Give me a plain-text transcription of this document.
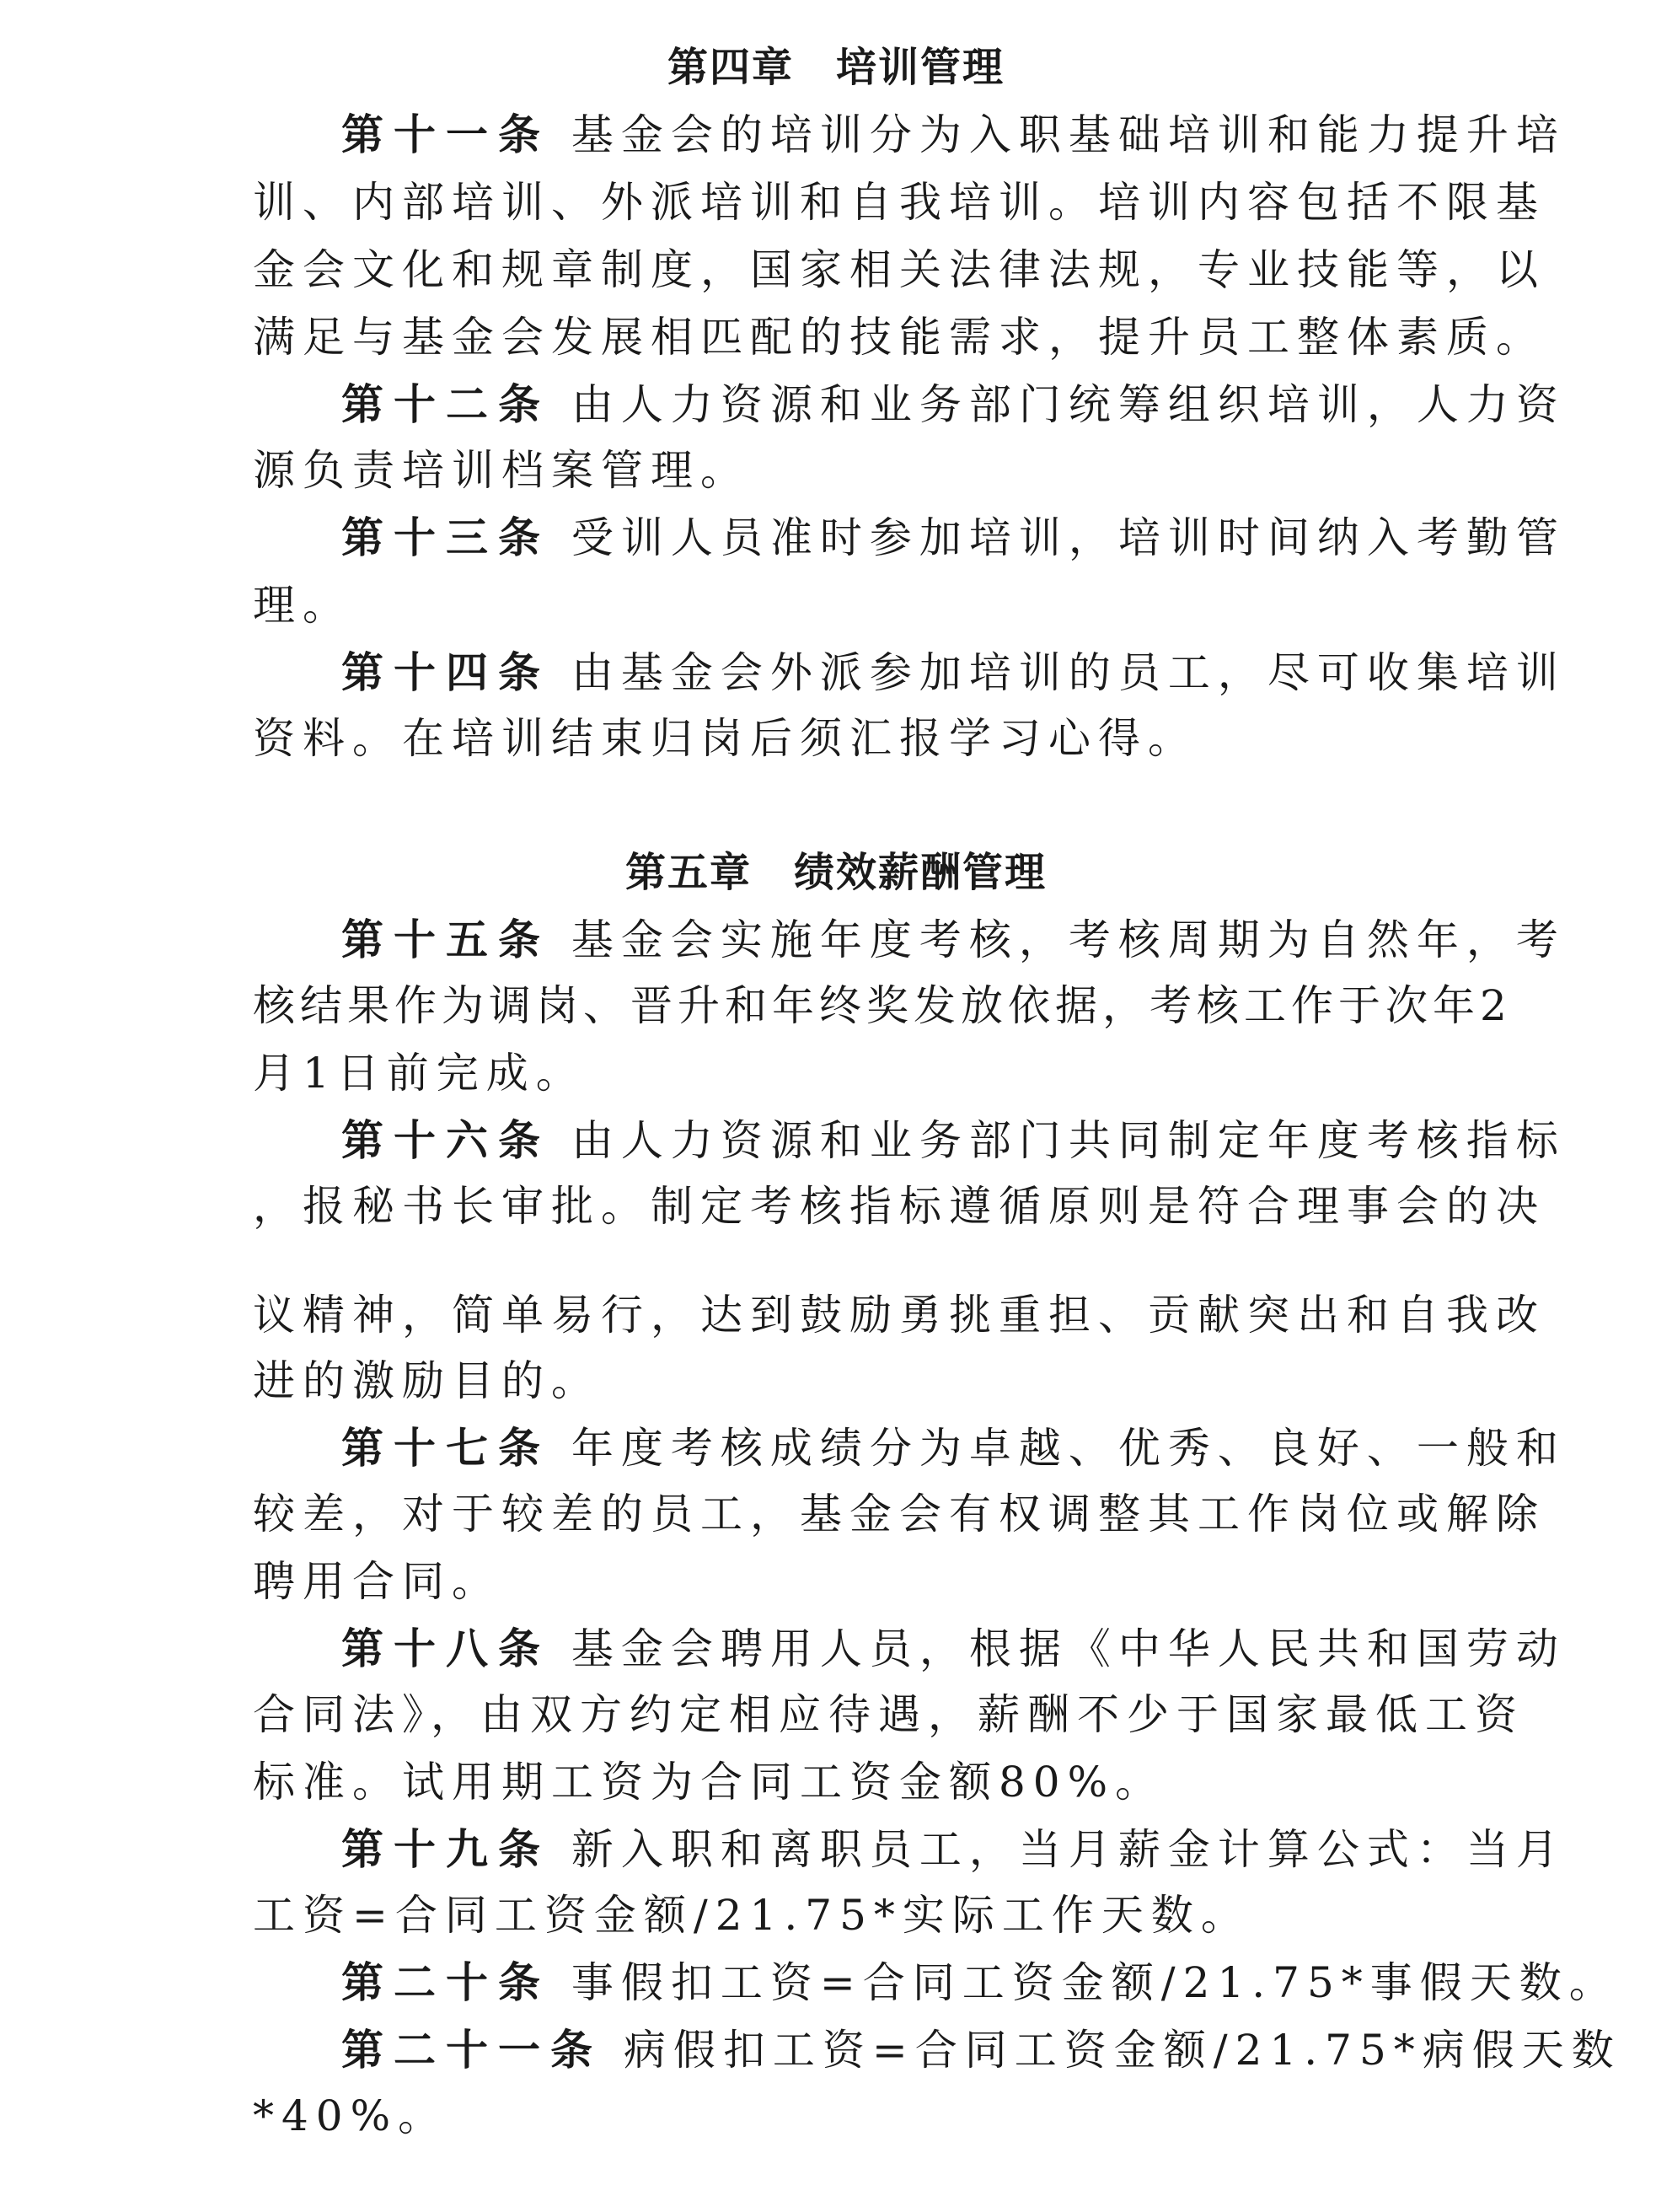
第四章　培训管理
第十一条 基金会的培训分为入职基础培训和能力提升培
训、内部培训、外派培训和自我培训。培训内容包括不限基
金会文化和规章制度，国家相关法律法规，专业技能等，以
满足与基金会发展相匹配的技能需求，提升员工整体素质。
第十二条 由人力资源和业务部门统筹组织培训，人力资
源负责培训档案管理。
第十三条 受训人员准时参加培训，培训时间纳入考勤管
理。
第十四条 由基金会外派参加培训的员工，尽可收集培训
资料。在培训结束归岗后须汇报学习心得。
第五章　绩效薪酬管理
第十五条 基金会实施年度考核，考核周期为自然年，考
核结果作为调岗、晋升和年终奖发放依据，考核工作于次年2
月1日前完成。
第十六条 由人力资源和业务部门共同制定年度考核指标
，报秘书长审批。制定考核指标遵循原则是符合理事会的决
议精神，简单易行，达到鼓励勇挑重担、贡献突出和自我改
进的激励目的。
第十七条 年度考核成绩分为卓越、优秀、良好、一般和
较差，对于较差的员工，基金会有权调整其工作岗位或解除
聘用合同。
第十八条 基金会聘用人员，根据《中华人民共和国劳动
合同法》，由双方约定相应待遇，薪酬不少于国家最低工资
标准。试用期工资为合同工资金额80%。
第十九条 新入职和离职员工，当月薪金计算公式：当月
工资=合同工资金额/21.75*实际工作天数。
第二十条 事假扣工资=合同工资金额/21.75*事假天数。
第二十一条 病假扣工资=合同工资金额/21.75*病假天数
*40%。
